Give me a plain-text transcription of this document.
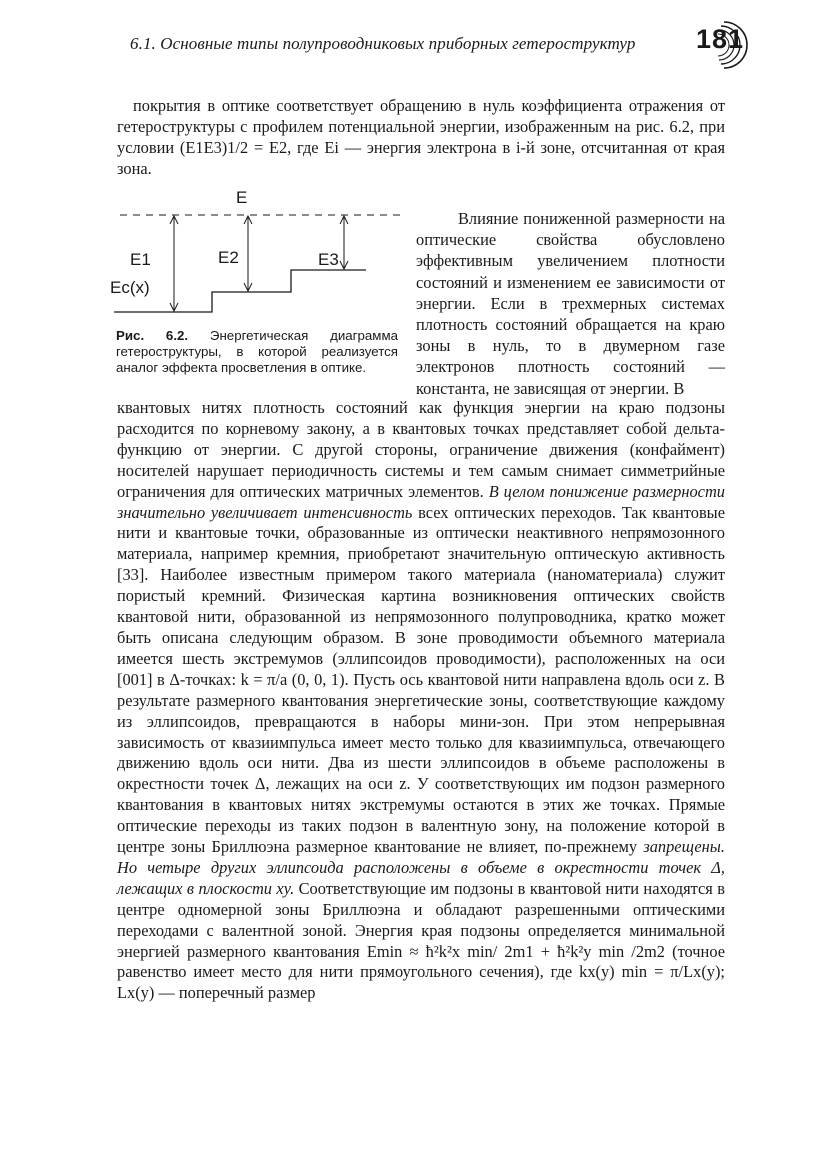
6.1. Основные типы полупроводниковых приборных гетероструктур 181

покрытия в оптике соответствует обращению в нуль коэффициента отражения от гетероструктуры с профилем потенциальной энергии, изображенным на рис. 6.2, при условии (E1E3)1/2 = E2, где Ei — энергия электрона в i-й зоне, отсчитанная от края зона.

E
E1	E2	E3
Ec(x)
Рис. 6.2. Энергетическая диаграмма гетероструктуры, в которой реализуется аналог эффекта просветления в оптике.

Влияние пониженной размерности на оптические свойства обусловлено эффективным увеличением плотности состояний и изменением ее зависимости от энергии. Если в трехмерных системах плотность состояний обращается на краю зоны в нуль, то в двумерном газе электронов плотность состояний — константа, не зависящая от энергии. В

квантовых нитях плотность состояний как функция энергии на краю подзоны расходится по корневому закону, а в квантовых точках представляет собой дельта-функцию от энергии. С другой стороны, ограничение движения (конфаймент) носителей нарушает периодичность системы и тем самым снимает симметрийные ограничения для оптических матричных элементов. В целом понижение размерности значительно увеличивает интенсивность всех оптических переходов. Так квантовые нити и квантовые точки, образованные из оптически неактивного непрямозонного материала, например кремния, приобретают значительную оптическую активность [33]. Наиболее известным примером такого материала (наноматериала) служит пористый кремний. Физическая картина возникновения оптических свойств квантовой нити, образованной из непрямозонного полупроводника, кратко может быть описана следующим образом. В зоне проводимости объемного материала имеется шесть экстремумов (эллипсоидов проводимости), расположенных на оси [001] в Δ-точках: k = π/a (0, 0, 1). Пусть ось квантовой нити направлена вдоль оси z. В результате размерного квантования энергетические зоны, соответствующие каждому из эллипсоидов, превращаются в наборы мини-зон. При этом непрерывная зависимость от квазиимпульса имеет место только для квазиимпульса, отвечающего движению вдоль оси нити. Два из шести эллипсоидов в объеме расположены в окрестности точек Δ, лежащих на оси z. У соответствующих им подзон размерного квантования в квантовых нитях экстремумы остаются в этих же точках. Прямые оптические переходы из таких подзон в валентную зону, на положение которой в центре зоны Бриллюэна размерное квантование не влияет, по-прежнему запрещены. Но четыре других эллипсоида расположены в объеме в окрестности точек Δ, лежащих в плоскости xy. Соответствующие им подзоны в квантовой нити находятся в центре одномерной зоны Бриллюэна и обладают разрешенными оптическими переходами с валентной зоной. Энергия края подзоны определяется минимальной энергией размерного квантования Emin ≈ ħ²k²x min/ 2m1 + ħ²k²y min /2m2 (точное равенство имеет место для нити прямоугольного сечения), где kx(y) min = π/Lx(y); Lx(y) — поперечный размер
